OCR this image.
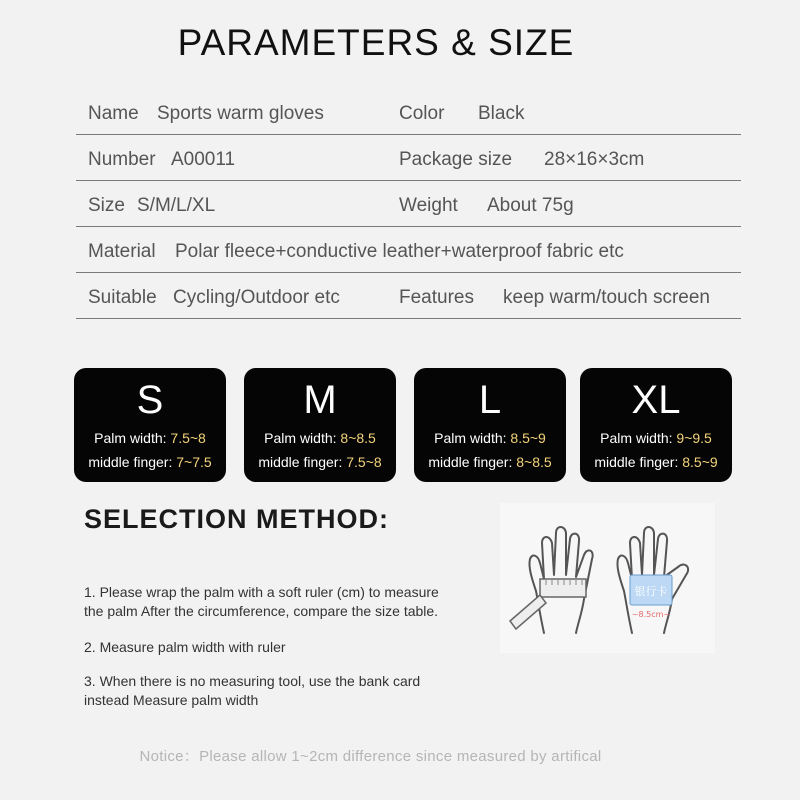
PARAMETERS & SIZE
Name Sports warm gloves	Color Black
Number A00011	Package size 28×16×3cm
Size S/M/L/XL	Weight About 75g
Material Polar fleece+conductive leather+waterproof fabric etc
Suitable Cycling/Outdoor etc	Features keep warm/touch screen
S
Palm width: 7.5~8
middle finger: 7~7.5
M
Palm width: 8~8.5
middle finger: 7.5~8
L
Palm width: 8.5~9
middle finger: 8~8.5
XL
Palm width: 9~9.5
middle finger: 8.5~9
SELECTION METHOD:
1. Please wrap the palm with a soft ruler (cm) to measure
the palm After the circumference, compare the size table.
2. Measure palm width with ruler
3. When there is no measuring tool, use the bank card
instead Measure palm width
银行卡
~8.5cm~
Notice：Please allow 1~2cm difference since measured by artifical
